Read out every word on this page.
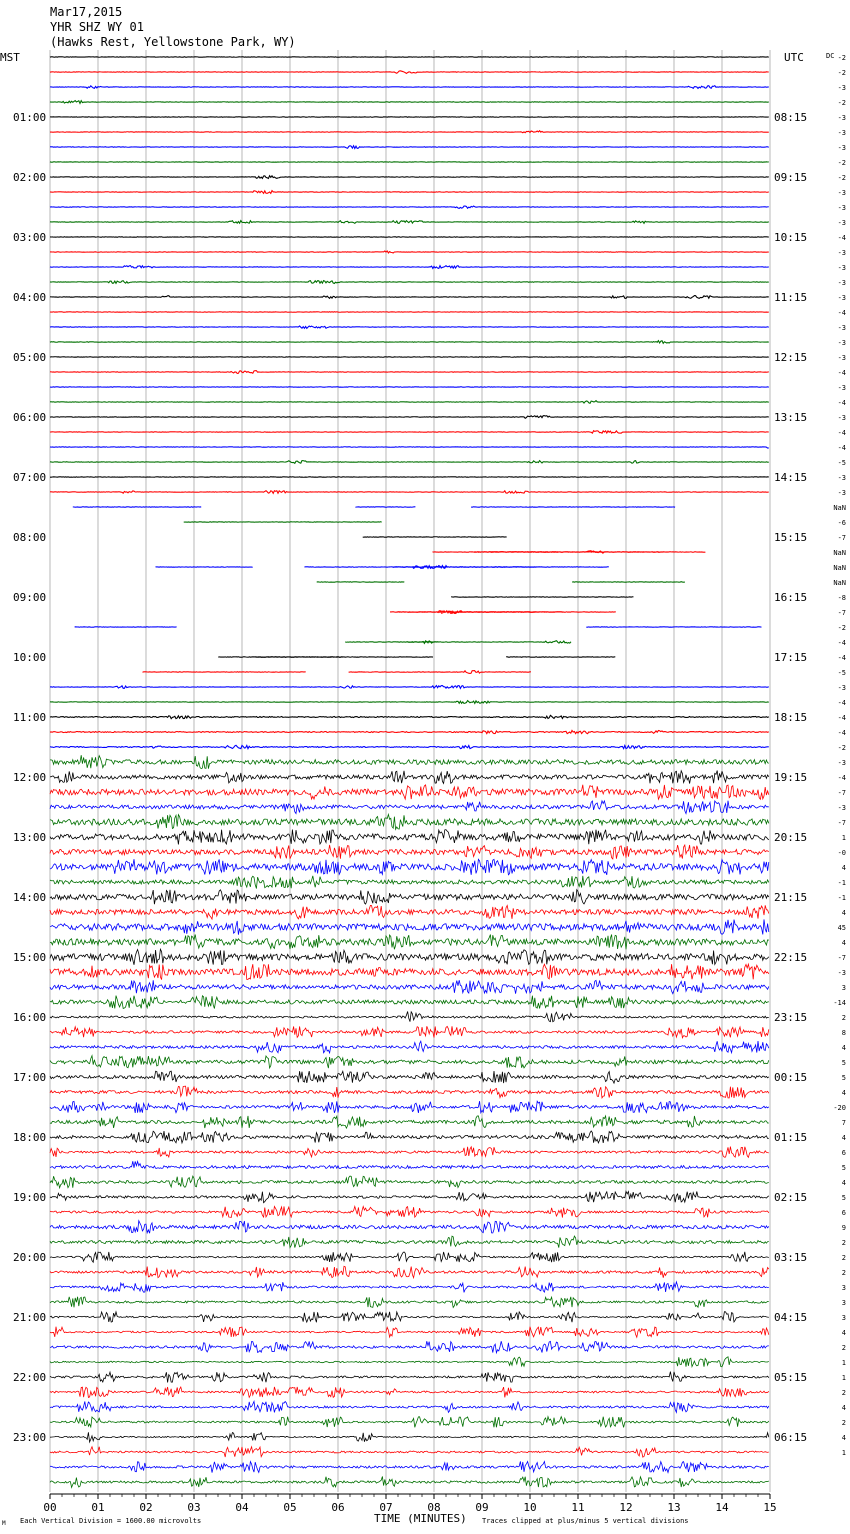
Mar17,2015
YHR SHZ WY 01
(Hawks Rest, Yellowstone Park, WY)
MST	UTC	DC
01:00
02:00
03:00
04:00
05:00
06:00
07:00
08:00
09:00
10:00
11:00
12:00
13:00
14:00
15:00
16:00
17:00
18:00
19:00
20:00
21:00
22:00
23:00
08:15
09:15
10:15
11:15
12:15
13:15
14:15
15:15
16:15
17:15
18:15
19:15
20:15
21:15
22:15
23:15
00:15
01:15
02:15
03:15
04:15
05:15
06:15
-2
-2
-3
-2
-3
-3
-3
-2
-2
-3
-3
-3
-4
-3
-3
-3
-3
-4
-3
-3
-3
-4
-3
-4
-3
-4
-4
-5
-3
-3
NaN
-6
-7
NaN
NaN
NaN
-8
-7
-2
-4
-4
-5
-3
-4
-4
-4
-2
-3
-4
-7
-3
-7
1
-0
4
-1
-1
4
45
4
-7
-3
3
-14
2
8
4
5
5
4
-20
7
4
6
5
4
5
6
9
2
2
2
3
3
3
4
2
1
1
2
4
2
4
1
00	01	02	03	04	05	06	07	08	09	10	11	12	13	14	15
TIME (MINUTES)
Each Vertical Division = 1600.00 microvolts	Traces clipped at plus/minus 5 vertical divisions
M
